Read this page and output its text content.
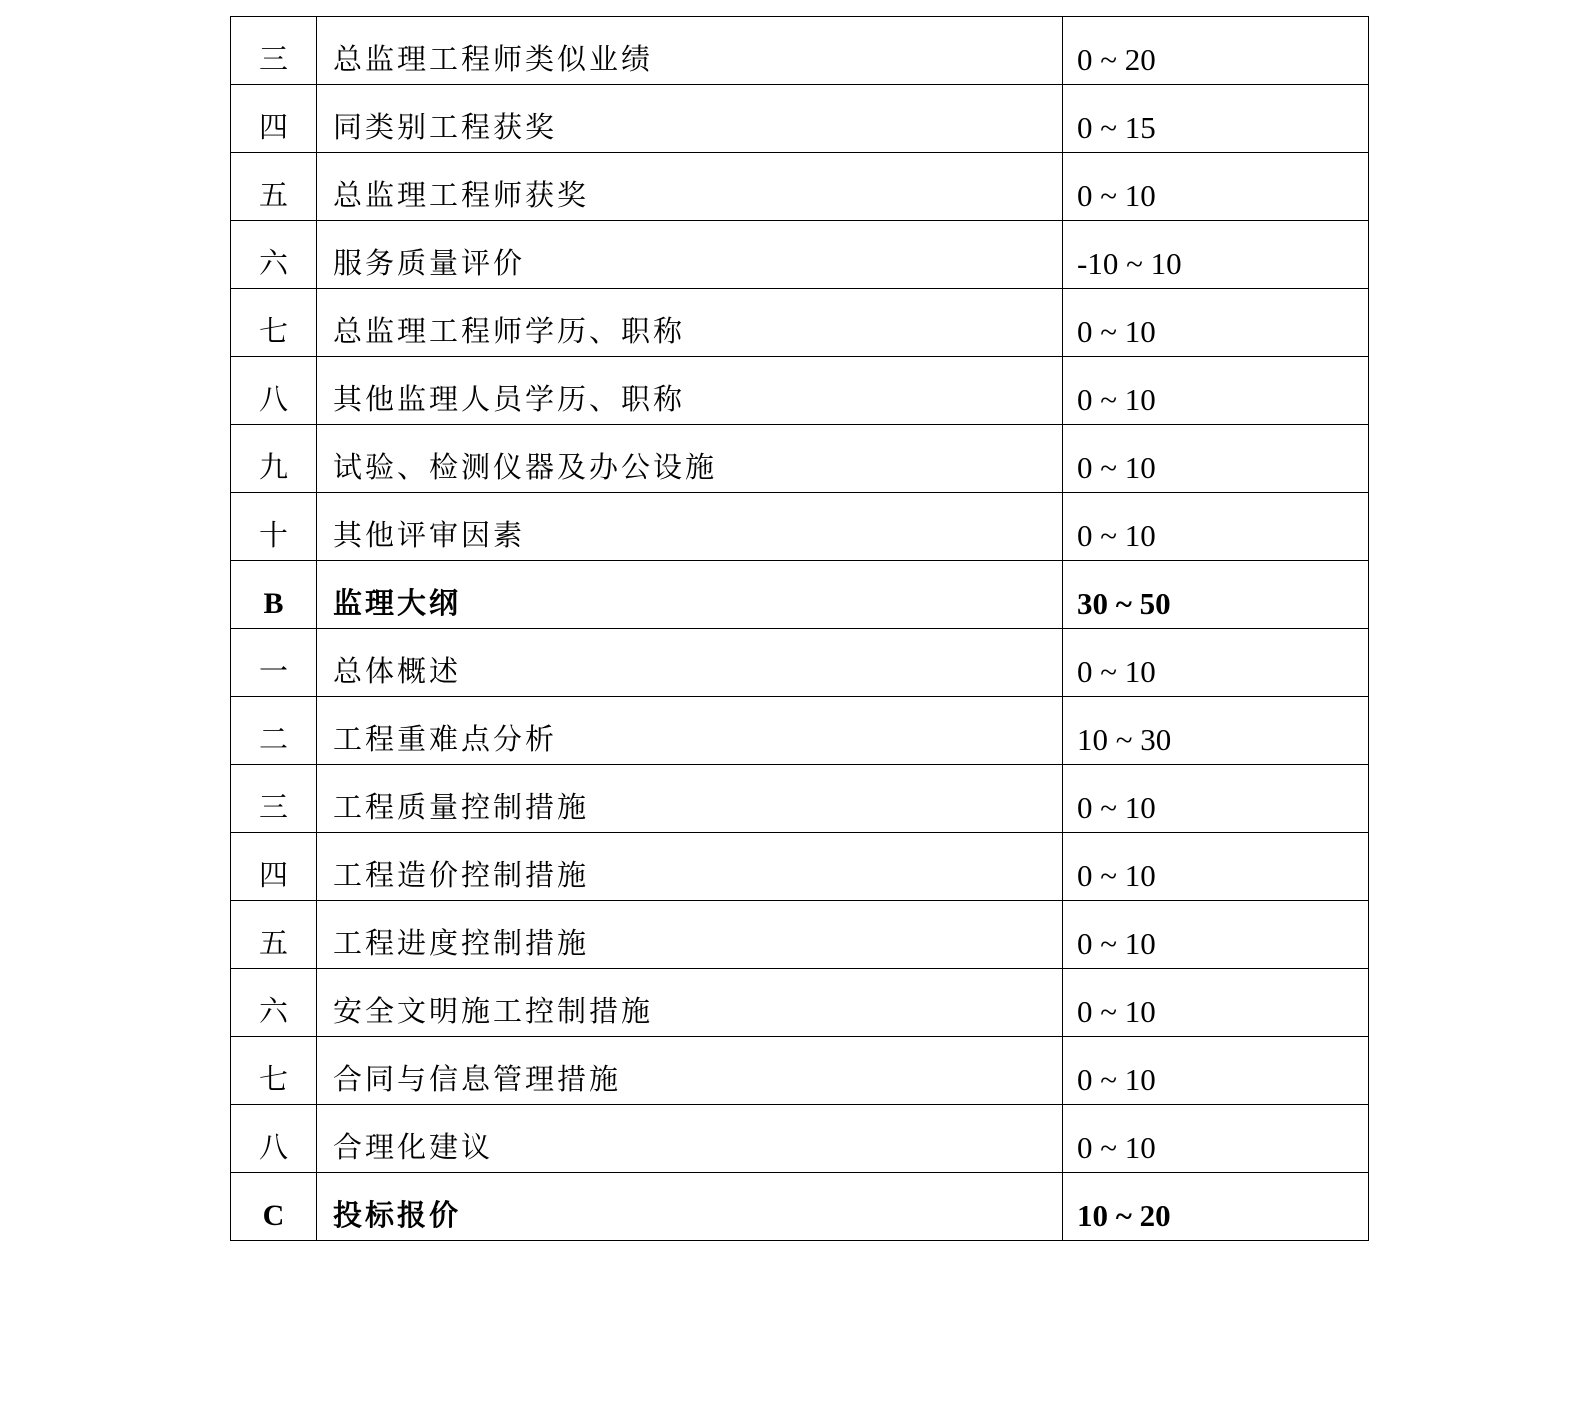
三	总监理工程师类似业绩	0 ~ 20
四	同类别工程获奖	0 ~ 15
五	总监理工程师获奖	0 ~ 10
六	服务质量评价	-10 ~ 10
七	总监理工程师学历、职称	0 ~ 10
八	其他监理人员学历、职称	0 ~ 10
九	试验、检测仪器及办公设施	0 ~ 10
十	其他评审因素	0 ~ 10
B	监理大纲	30 ~ 50
一	总体概述	0 ~ 10
二	工程重难点分析	10 ~ 30
三	工程质量控制措施	0 ~ 10
四	工程造价控制措施	0 ~ 10
五	工程进度控制措施	0 ~ 10
六	安全文明施工控制措施	0 ~ 10
七	合同与信息管理措施	0 ~ 10
八	合理化建议	0 ~ 10
C	投标报价	10 ~ 20
